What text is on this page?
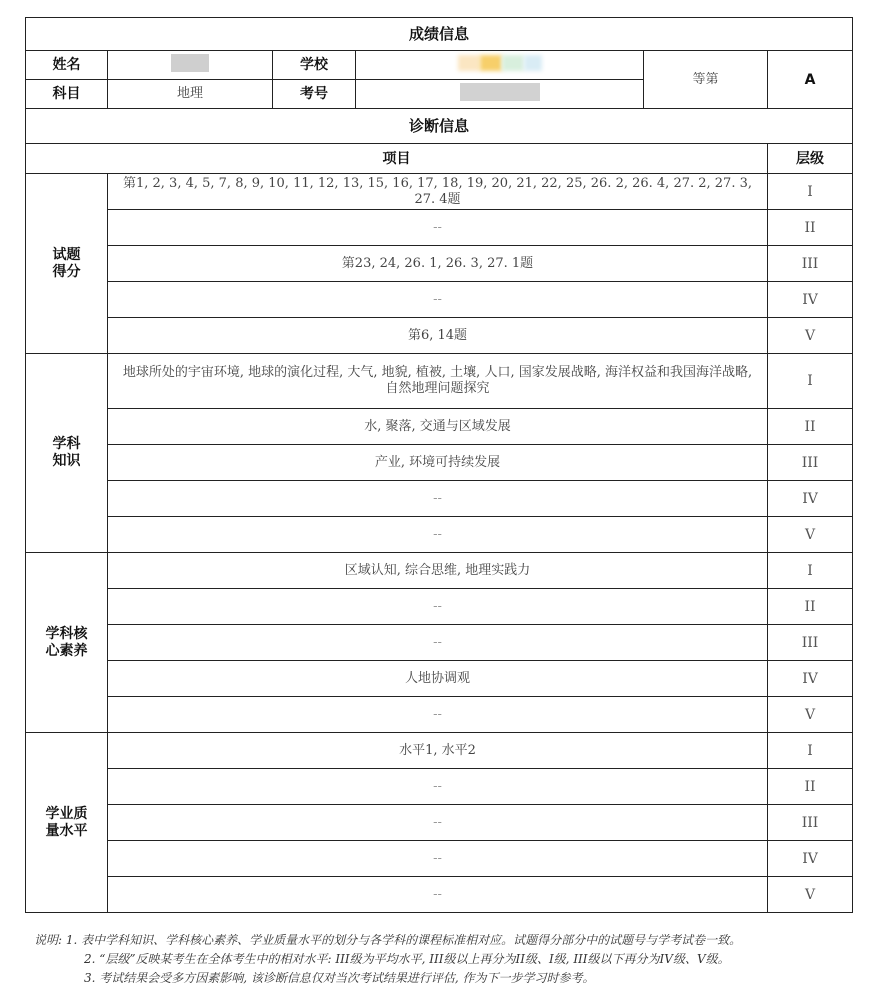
成绩信息					
姓名		学校		等第	A
科目	地理	考号			
诊断信息					
项目					层级
试题得分	第1, 2, 3, 4, 5, 7, 8, 9, 10, 11, 12, 13, 15, 16, 17, 18, 19, 20, 21, 22, 25, 26. 2, 26. 4, 27. 2, 27. 3, 27. 4题				I
	--				II
	第23, 24, 26. 1, 26. 3, 27. 1题				III
	--				IV
	第6, 14题				V
学科知识	地球所处的宇宙环境, 地球的演化过程, 大气, 地貌, 植被, 土壤, 人口, 国家发展战略, 海洋权益和我国海洋战略, 自然地理问题探究				I
	水, 聚落, 交通与区域发展				II
	产业, 环境可持续发展				III
	--				IV
	--				V
学科核心素养	区域认知, 综合思维, 地理实践力				I
	--				II
	--				III
	人地协调观				IV
	--				V
学业质量水平	水平1, 水平2				I
	--				II
	--				III
	--				IV
	--				V
说明: 1. 表中学科知识、学科核心素养、学业质量水平的划分与各学科的课程标准相对应。试题得分部分中的试题号与学考试卷一致。
2. “层级”反映某考生在全体考生中的相对水平: III级为平均水平, III级以上再分为II级、I级, III级以下再分为IV级、V级。
3. 考试结果会受多方因素影响, 该诊断信息仅对当次考试结果进行评估, 作为下一步学习时参考。
